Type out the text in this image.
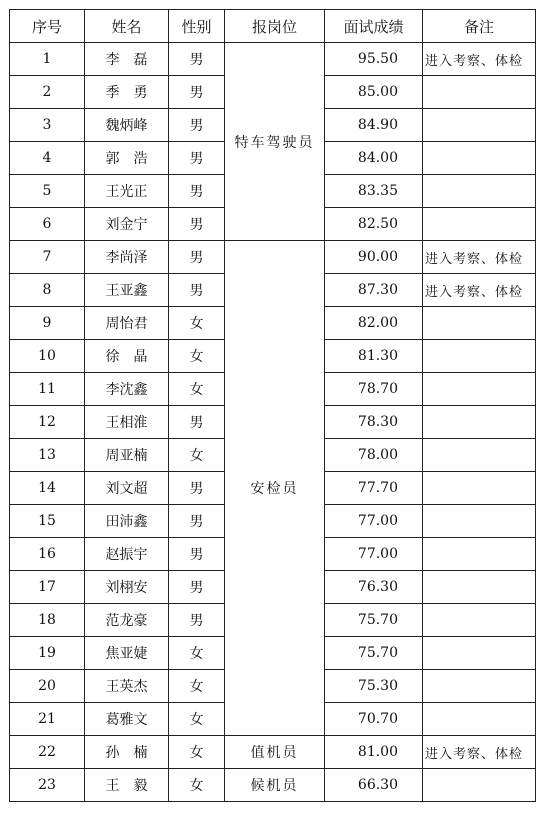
序号	姓名	性别	报岗位	面试成绩	备注
1	李　磊	男	特车驾驶员	95.50	进入考察、体检
2	季　勇	男		85.00	
3	魏炳峰	男		84.90	
4	郭　浩	男		84.00	
5	王光正	男		83.35	
6	刘金宁	男		82.50	
7	李尚泽	男	安检员	90.00	进入考察、体检
8	王亚鑫	男		87.30	进入考察、体检
9	周怡君	女		82.00	
10	徐　晶	女		81.30	
11	李沈鑫	女		78.70	
12	王相淮	男		78.30	
13	周亚楠	女		78.00	
14	刘文超	男		77.70	
15	田沛鑫	男		77.00	
16	赵振宇	男		77.00	
17	刘栩安	男		76.30	
18	范龙豪	男		75.70	
19	焦亚婕	女		75.70	
20	王英杰	女		75.30	
21	葛雅文	女		70.70	
22	孙　楠	女	值机员	81.00	进入考察、体检
23	王　毅	女	候机员	66.30	
